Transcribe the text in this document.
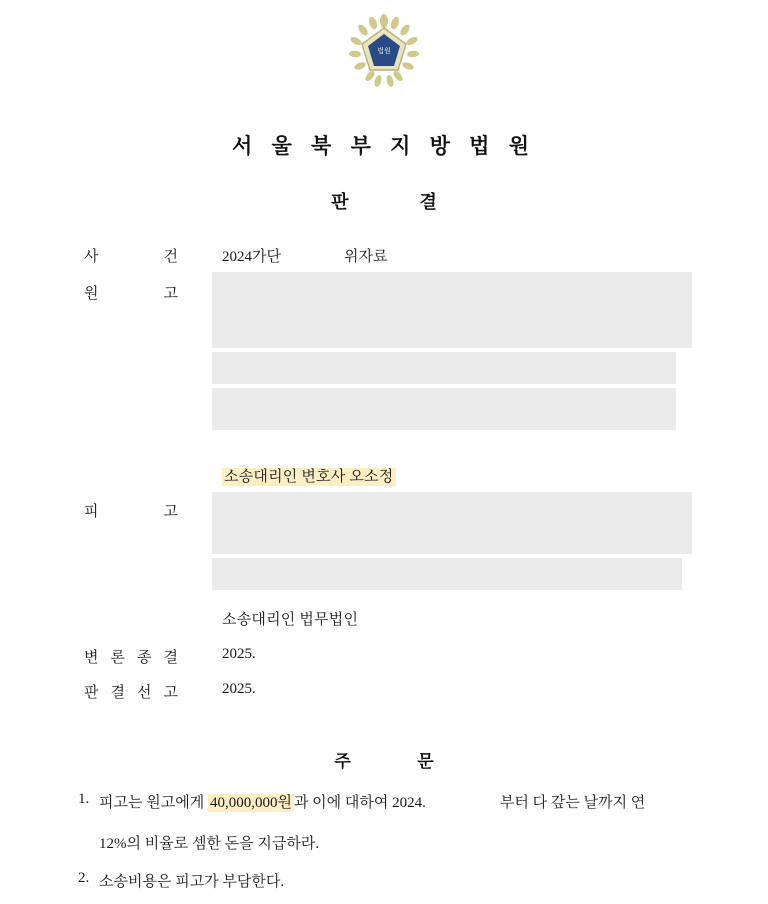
법원
서 울 북 부 지 방 법 원
판	결
사	건	2024가단	위자료
원	고
소송대리인 변호사 오소정
피	고
소송대리인 법무법인
변 론 종 결	2025.
판 결 선 고	2025.
주	문
1. 피고는 원고에게 40,000,000원 과 이에 대하여 2024.	부터 다 갚는 날까지 연
12%의 비율로 셈한 돈을 지급하라.
2. 소송비용은 피고가 부담한다.
